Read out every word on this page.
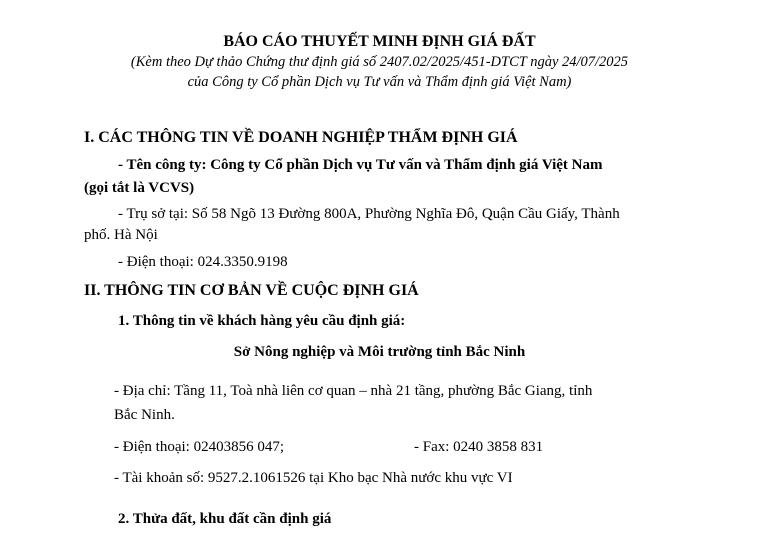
BÁO CÁO THUYẾT MINH ĐỊNH GIÁ ĐẤT
(Kèm theo Dự thảo Chứng thư định giá số 2407.02/2025/451-DTCT ngày 24/07/2025
của Công ty Cổ phần Dịch vụ Tư vấn và Thẩm định giá Việt Nam)
I. CÁC THÔNG TIN VỀ DOANH NGHIỆP THẨM ĐỊNH GIÁ
- Tên công ty: Công ty Cổ phần Dịch vụ Tư vấn và Thẩm định giá Việt Nam
(gọi tắt là VCVS)
- Trụ sở tại: Số 58 Ngõ 13 Đường 800A, Phường Nghĩa Đô, Quận Cầu Giấy, Thành
phố. Hà Nội
- Điện thoại: 024.3350.9198
II. THÔNG TIN CƠ BẢN VỀ CUỘC ĐỊNH GIÁ
1. Thông tin về khách hàng yêu cầu định giá:
Sở Nông nghiệp và Môi trường tỉnh Bắc Ninh
- Địa chỉ: Tầng 11, Toà nhà liên cơ quan – nhà 21 tầng, phường Bắc Giang, tỉnh
Bắc Ninh.
- Điện thoại: 02403856 047;	- Fax: 0240 3858 831
- Tài khoản số: 9527.2.1061526 tại Kho bạc Nhà nước khu vực VI
2. Thửa đất, khu đất cần định giá
